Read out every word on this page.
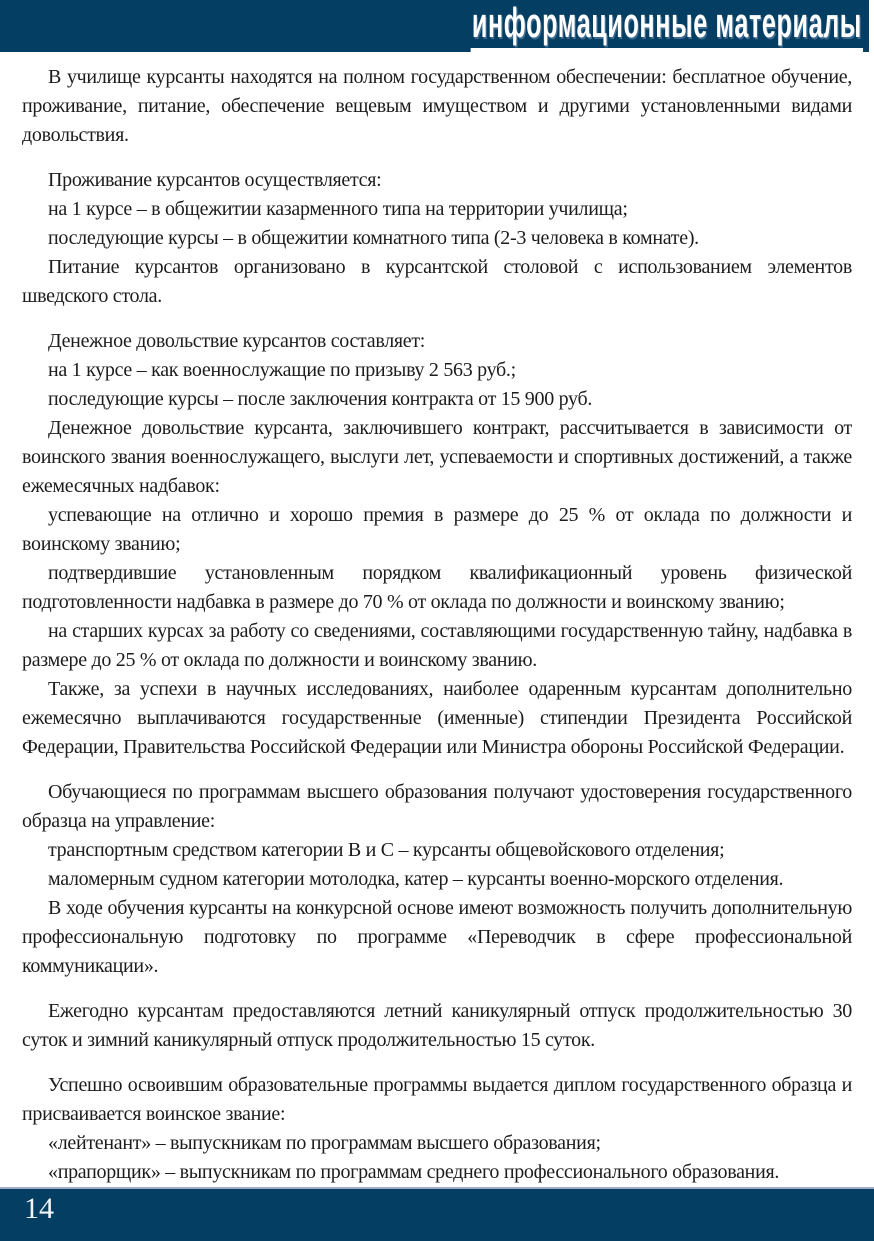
информационные материалы

В училище курсанты находятся на полном государственном обеспечении: бесплатное обучение, проживание, питание, обеспечение вещевым имуществом и другими установленными видами довольствия.

Проживание курсантов осуществляется:

на 1 курсе – в общежитии казарменного типа на территории училища;

последующие курсы – в общежитии комнатного типа (2-3 человека в комнате).

Питание курсантов организовано в курсантской столовой с использованием элементов шведского стола.

Денежное довольствие курсантов составляет:

на 1 курсе – как военнослужащие по призыву 2 563 руб.;

последующие курсы – после заключения контракта от 15 900 руб.

Денежное довольствие курсанта, заключившего контракт, рассчитывается в зависимости от воинского звания военнослужащего, выслуги лет, успеваемости и спортивных достижений, а также ежемесячных надбавок:

успевающие на отлично и хорошо премия в размере до 25 % от оклада по должности и воинскому званию;

подтвердившие установленным порядком квалификационный уровень физической подготовленности надбавка в размере до 70 % от оклада по должности и воинскому званию;

на старших курсах за работу со сведениями, составляющими государственную тайну, надбавка в размере до 25 % от оклада по должности и воинскому званию.

Также, за успехи в научных исследованиях, наиболее одаренным курсантам дополнительно ежемесячно выплачиваются государственные (именные) стипендии Президента Российской Федерации, Правительства Российской Федерации или Министра обороны Российской Федерации.

Обучающиеся по программам высшего образования получают удостоверения государственного образца на управление:

транспортным средством категории В и С – курсанты общевойскового отделения;

маломерным судном категории мотолодка, катер – курсанты военно-морского отделения.

В ходе обучения курсанты на конкурсной основе имеют возможность получить дополнительную профессиональную подготовку по программе «Переводчик в сфере профессиональной коммуникации».

Ежегодно курсантам предоставляются летний каникулярный отпуск продолжительностью 30 суток и зимний каникулярный отпуск продолжительностью 15 суток.

Успешно освоившим образовательные программы выдается диплом государственного образца и присваивается воинское звание:

«лейтенант» – выпускникам по программам высшего образования;

«прапорщик» – выпускникам по программам среднего профессионального образования.

14
